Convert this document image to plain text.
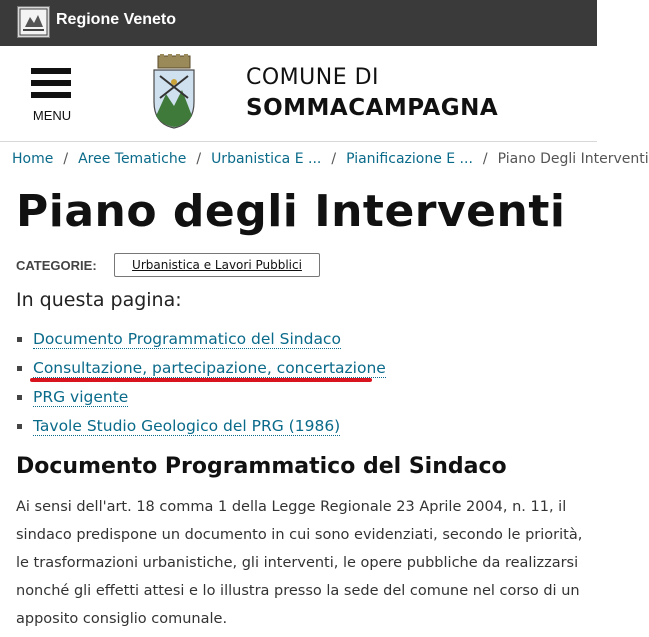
Regione Veneto
MENU
COMUNE DI
SOMMACAMPAGNA
Home / Aree Tematiche / Urbanistica E ... / Pianificazione E ... / Piano Degli Interventi
Piano degli Interventi
CATEGORIE:	Urbanistica e Lavori Pubblici
In questa pagina:
Documento Programmatico del Sindaco
Consultazione, partecipazione, concertazione
PRG vigente
Tavole Studio Geologico del PRG (1986)
Documento Programmatico del Sindaco

Ai sensi dell'art. 18 comma 1 della Legge Regionale 23 Aprile 2004, n. 11, il sindaco predispone un documento in cui sono evidenziati, secondo le priorità, le trasformazioni urbanistiche, gli interventi, le opere pubbliche da realizzarsi nonché gli effetti attesi e lo illustra presso la sede del comune nel corso di un apposito consiglio comunale.
